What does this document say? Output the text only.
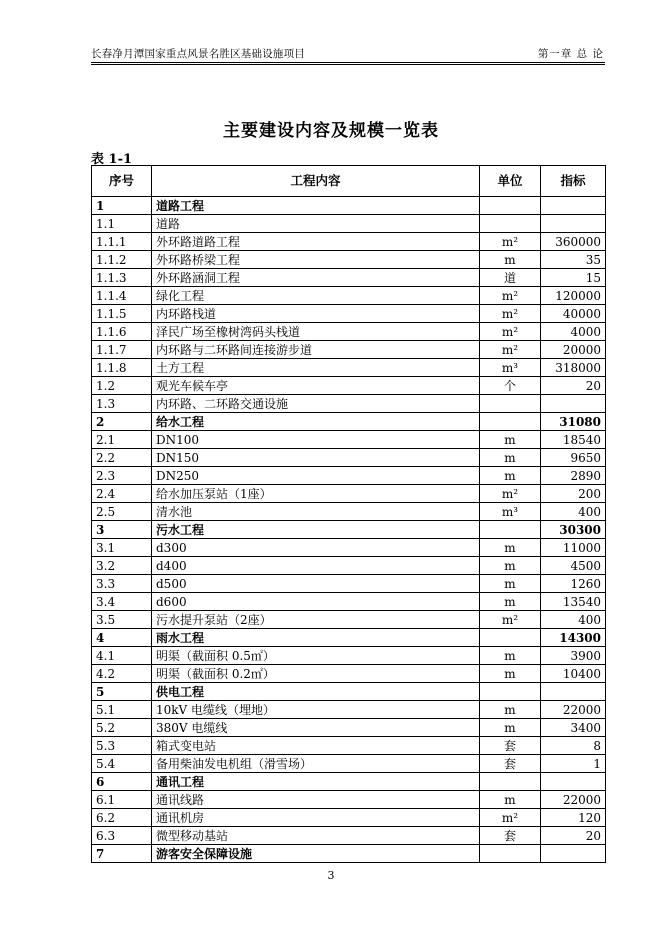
长春净月潭国家重点风景名胜区基础设施项目	第一章 总 论
主要建设内容及规模一览表
表 1-1
序号	工程内容	单位	指标
1	道路工程		
1.1	道路		
1.1.1	外环路道路工程	m²	360000
1.1.2	外环路桥梁工程	m	35
1.1.3	外环路涵洞工程	道	15
1.1.4	绿化工程	m²	120000
1.1.5	内环路栈道	m²	40000
1.1.6	泽民广场至橡树湾码头栈道	m²	4000
1.1.7	内环路与二环路间连接游步道	m²	20000
1.1.8	土方工程	m³	318000
1.2	观光车候车亭	个	20
1.3	内环路、二环路交通设施		
2	给水工程		31080
2.1	DN100	m	18540
2.2	DN150	m	9650
2.3	DN250	m	2890
2.4	给水加压泵站（1座）	m²	200
2.5	清水池	m³	400
3	污水工程		30300
3.1	d300	m	11000
3.2	d400	m	4500
3.3	d500	m	1260
3.4	d600	m	13540
3.5	污水提升泵站（2座）	m²	400
4	雨水工程		14300
4.1	明渠（截面积 0.5㎡）	m	3900
4.2	明渠（截面积 0.2㎡）	m	10400
5	供电工程		
5.1	10kV 电缆线（埋地）	m	22000
5.2	380V 电缆线	m	3400
5.3	箱式变电站	套	8
5.4	备用柴油发电机组（滑雪场）	套	1
6	通讯工程		
6.1	通讯线路	m	22000
6.2	通讯机房	m²	120
6.3	微型移动基站	套	20
7	游客安全保障设施		
3
